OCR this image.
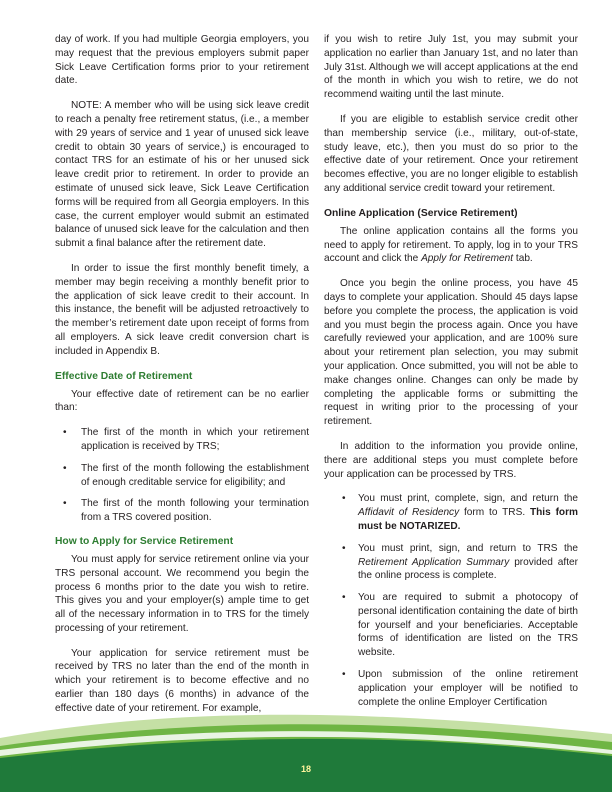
day of work. If you had multiple Georgia employers, you may request that the previous employers submit paper Sick Leave Certification forms prior to your retirement date.

NOTE: A member who will be using sick leave credit to reach a penalty free retirement status, (i.e., a member with 29 years of service and 1 year of unused sick leave credit to obtain 30 years of service,) is encouraged to contact TRS for an estimate of his or her unused sick leave credit prior to retirement. In order to provide an estimate of unused sick leave, Sick Leave Certification forms will be required from all Georgia employers. In this case, the current employer would submit an estimated balance of unused sick leave for the calculation and then submit a final balance after the retirement date.

In order to issue the first monthly benefit timely, a member may begin receiving a monthly benefit prior to the application of sick leave credit to their account. In this instance, the benefit will be adjusted retroactively to the member’s retirement date upon receipt of forms from all employers. A sick leave credit conversion chart is included in Appendix B.

Effective Date of Retirement

Your effective date of retirement can be no earlier than:

• The first of the month in which your retirement application is received by TRS;
• The first of the month following the establishment of enough creditable service for eligibility; and
• The first of the month following your termination from a TRS covered position.
How to Apply for Service Retirement

You must apply for service retirement online via your TRS personal account. We recommend you begin the process 6 months prior to the date you wish to retire. This gives you and your employer(s) ample time to get all of the necessary information in to TRS for the timely processing of your retirement.

Your application for service retirement must be received by TRS no later than the end of the month in which your retirement is to become effective and no earlier than 180 days (6 months) in advance of the effective date of your retirement. For example,

if you wish to retire July 1st, you may submit your application no earlier than January 1st, and no later than July 31st. Although we will accept applications at the end of the month in which you wish to retire, we do not recommend waiting until the last minute.

If you are eligible to establish service credit other than membership service (i.e., military, out-of-state, study leave, etc.), then you must do so prior to the effective date of your retirement. Once your retirement becomes effective, you are no longer eligible to establish any additional service credit toward your retirement.

Online Application (Service Retirement)

The online application contains all the forms you need to apply for retirement. To apply, log in to your TRS account and click the Apply for Retirement tab.

Once you begin the online process, you have 45 days to complete your application. Should 45 days lapse before you complete the process, the application is void and you must begin the process again. Once you have carefully reviewed your application, and are 100% sure about your retirement plan selection, you may submit your application. Once submitted, you will not be able to make changes online. Changes can only be made by completing the applicable forms or submitting the request in writing prior to the processing of your retirement.

In addition to the information you provide online, there are additional steps you must complete before your application can be processed by TRS.

• You must print, complete, sign, and return the Affidavit of Residency form to TRS. This form must be NOTARIZED.
• You must print, sign, and return to TRS the Retirement Application Summary provided after the online process is complete.
• You are required to submit a photocopy of personal identification containing the date of birth for yourself and your beneficiaries. Acceptable forms of identification are listed on the TRS website.
• Upon submission of the online retirement application your employer will be notified to complete the online Employer Certification
18
